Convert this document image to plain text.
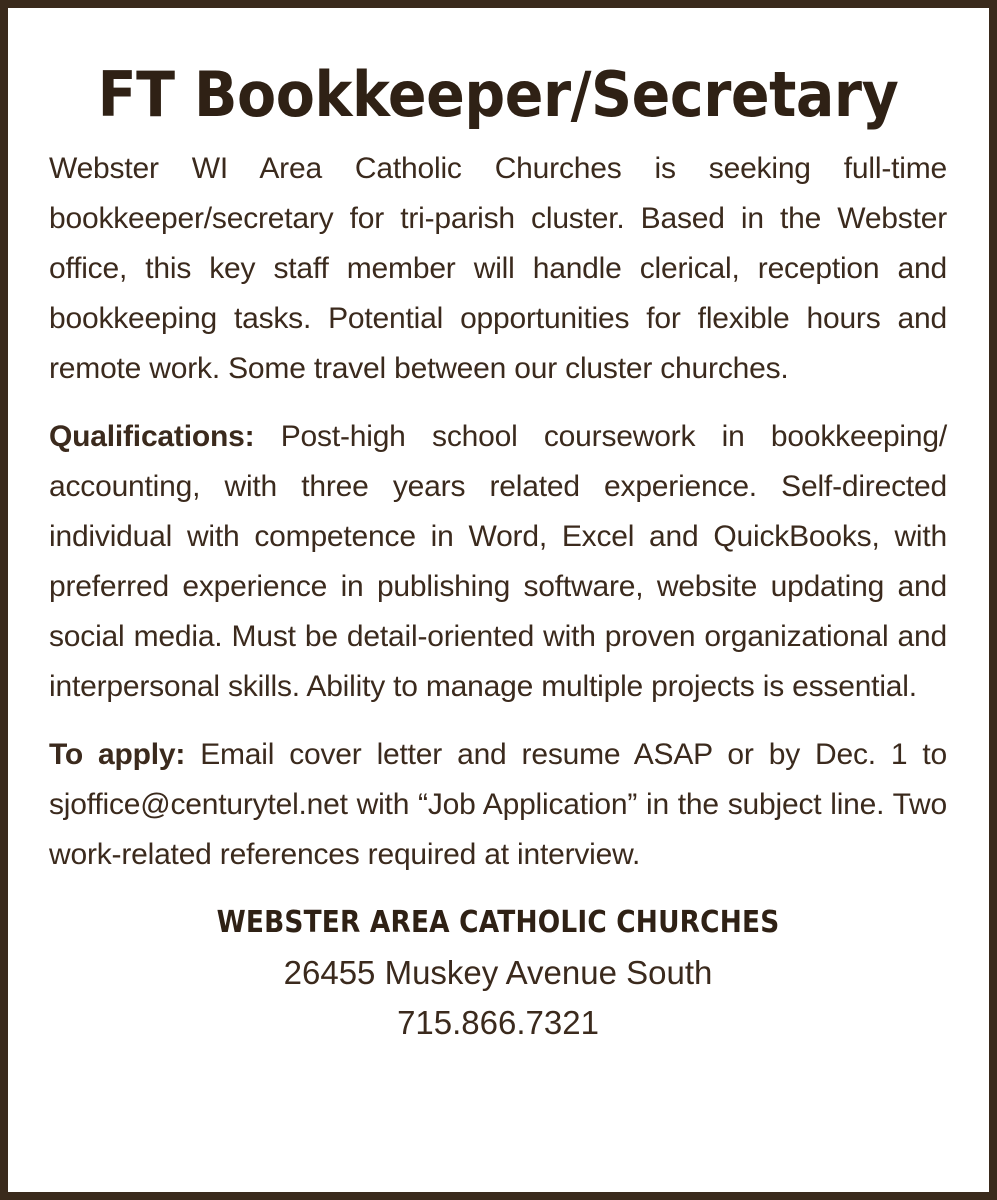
FT Bookkeeper/Secretary

Webster WI Area Catholic Churches is seeking full-time bookkeeper/secretary for tri-parish cluster. Based in the Webster office, this key staff member will handle clerical, reception and bookkeeping tasks. Potential opportunities for flexible hours and remote work. Some travel between our cluster churches.

Qualifications: Post-high school coursework in bookkeeping/ accounting, with three years related experience. Self-directed individual with competence in Word, Excel and QuickBooks, with preferred experience in publishing software, website updating and social media. Must be detail-oriented with proven organizational and interpersonal skills. Ability to manage multiple projects is essential.

To apply: Email cover letter and resume ASAP or by Dec. 1 to sjoffice@centurytel.net with “Job Application” in the subject line. Two work-related references required at interview.

WEBSTER AREA CATHOLIC CHURCHES
26455 Muskey Avenue South
715.866.7321
